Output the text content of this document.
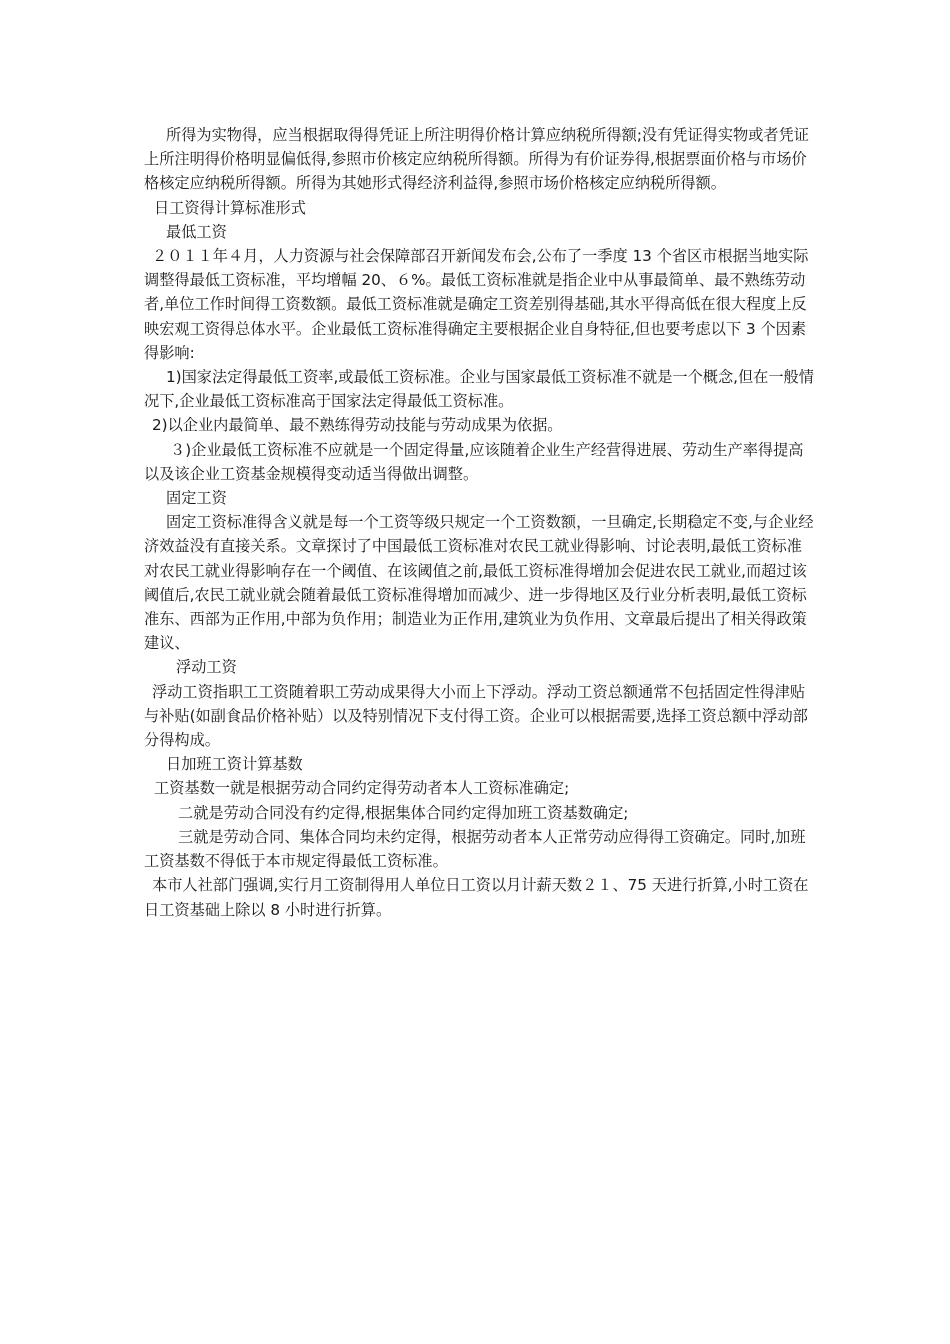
所得为实物得，应当根据取得得凭证上所注明得价格计算应纳税所得额;没有凭证得实物或者凭证上所注明得价格明显偏低得,参照市价核定应纳税所得额。所得为有价证券得,根据票面价格与市场价格核定应纳税所得额。所得为其她形式得经济利益得,参照市场价格核定应纳税所得额。

日工资得计算标准形式

最低工资

２０１１年４月，人力资源与社会保障部召开新闻发布会,公布了一季度 13 个省区市根据当地实际调整得最低工资标准，平均增幅 20、６%。最低工资标准就是指企业中从事最简单、最不熟练劳动者,单位工作时间得工资数额。最低工资标准就是确定工资差别得基础,其水平得高低在很大程度上反映宏观工资得总体水平。企业最低工资标准得确定主要根据企业自身特征,但也要考虑以下 3 个因素得影响:

1)国家法定得最低工资率,或最低工资标准。企业与国家最低工资标准不就是一个概念,但在一般情况下,企业最低工资标准高于国家法定得最低工资标准。

2)以企业内最简单、最不熟练得劳动技能与劳动成果为依据。

３)企业最低工资标准不应就是一个固定得量,应该随着企业生产经营得进展、劳动生产率得提高以及该企业工资基金规模得变动适当得做出调整。

固定工资

固定工资标准得含义就是每一个工资等级只规定一个工资数额，一旦确定,长期稳定不变,与企业经济效益没有直接关系。文章探讨了中国最低工资标准对农民工就业得影响、讨论表明,最低工资标准对农民工就业得影响存在一个阈值、在该阈值之前,最低工资标准得增加会促进农民工就业,而超过该阈值后,农民工就业就会随着最低工资标准得增加而减少、进一步得地区及行业分析表明,最低工资标准东、西部为正作用,中部为负作用；制造业为正作用,建筑业为负作用、文章最后提出了相关得政策建议、

浮动工资

浮动工资指职工工资随着职工劳动成果得大小而上下浮动。浮动工资总额通常不包括固定性得津贴与补贴(如副食品价格补贴）以及特别情况下支付得工资。企业可以根据需要,选择工资总额中浮动部分得构成。

日加班工资计算基数

工资基数一就是根据劳动合同约定得劳动者本人工资标准确定;

二就是劳动合同没有约定得,根据集体合同约定得加班工资基数确定;

三就是劳动合同、集体合同均未约定得，根据劳动者本人正常劳动应得得工资确定。同时,加班工资基数不得低于本市规定得最低工资标准。

本市人社部门强调,实行月工资制得用人单位日工资以月计薪天数２１、75 天进行折算,小时工资在日工资基础上除以 8 小时进行折算。
